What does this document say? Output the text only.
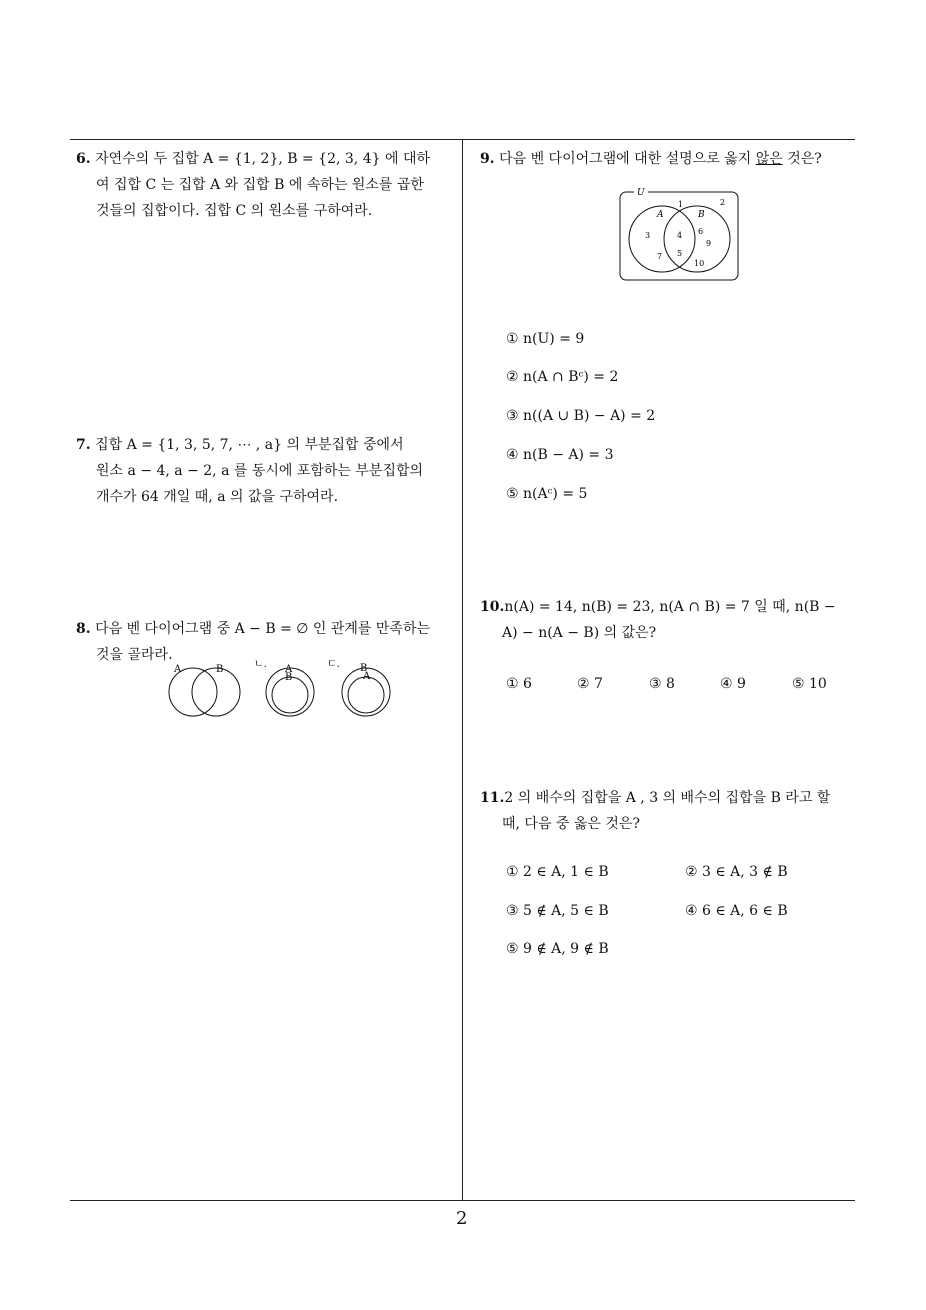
6. 자연수의 두 집합 A = {1, 2}, B = {2, 3, 4} 에 대하
여 집합 C 는 집합 A 와 집합 B 에 속하는 원소를 곱한
것들의 집합이다. 집합 C 의 원소를 구하여라.
7. 집합 A = {1, 3, 5, 7, ⋯ , a} 의 부분집합 중에서
원소 a − 4, a − 2, a 를 동시에 포함하는 부분집합의
개수가 64 개일 때, a 의 값을 구하여라.
8. 다음 벤 다이어그램 중 A − B = ∅ 인 관계를 만족하는
것을 골라라.
A	B	ㄴ. A
B
ㄷ. B
A
9. 다음 벤 다이어그램에 대한 설명으로 옳지 않은 것은?
U
A	B
1	2
3
7
4
5
6
9
10
① n(U) = 9
② n(A ∩ Bᶜ) = 2
③ n((A ∪ B) − A) = 2
④ n(B − A) = 3
⑤ n(Aᶜ) = 5
10.n(A) = 14, n(B) = 23, n(A ∩ B) = 7 일 때, n(B −
A) − n(A − B) 의 값은?
① 6	② 7	③ 8	④ 9	⑤ 10
11.2 의 배수의 집합을 A , 3 의 배수의 집합을 B 라고 할
때, 다음 중 옳은 것은?
① 2 ∈ A, 1 ∈ B	② 3 ∈ A, 3 ∉ B
③ 5 ∉ A, 5 ∈ B	④ 6 ∈ A, 6 ∈ B
⑤ 9 ∉ A, 9 ∉ B
2
